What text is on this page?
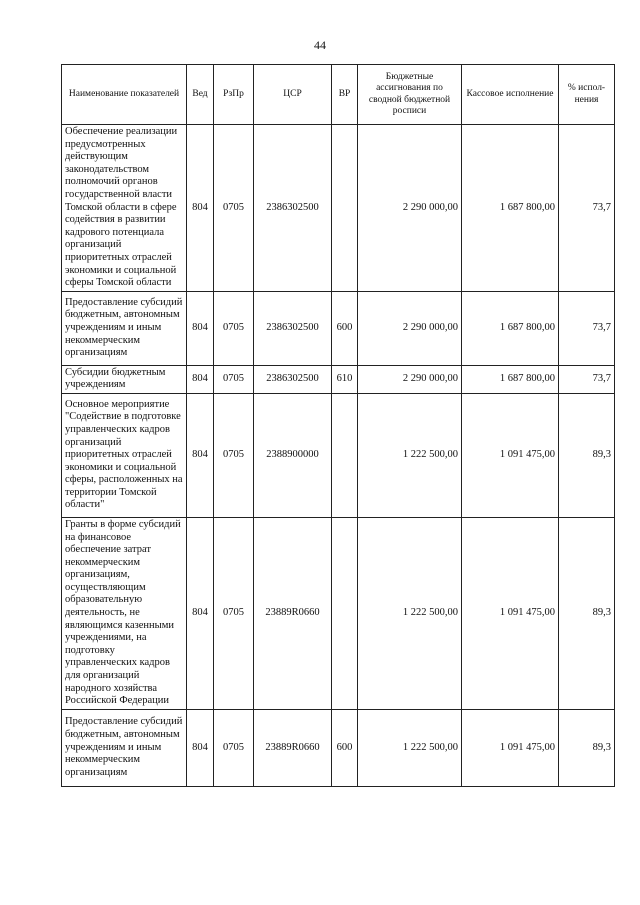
44
Наименование показателей	Вед	РзПр	ЦСР	ВР	Бюджетные ассигнования по сводной бюджетной росписи	Кассовое исполнение	% испол-нения
Обеспечение реализации предусмотренных действующим законодательством полномочий органов государственной власти Томской области в сфере содействия в развитии кадрового потенциала организаций приоритетных отраслей экономики и социальной сферы Томской области	804	0705	2386302500		2 290 000,00	1 687 800,00	73,7
Предоставление субсидий бюджетным, автономным учреждениям и иным некоммерческим организациям	804	0705	2386302500	600	2 290 000,00	1 687 800,00	73,7
Субсидии бюджетным учреждениям	804	0705	2386302500	610	2 290 000,00	1 687 800,00	73,7
Основное мероприятие "Содействие в подготовке управленческих кадров организаций приоритетных отраслей экономики и социальной сферы, расположенных на территории Томской области"	804	0705	2388900000		1 222 500,00	1 091 475,00	89,3
Гранты в форме субсидий на финансовое обеспечение затрат некоммерческим организациям, осуществляющим образовательную деятельность, не являющимся казенными учреждениями, на подготовку управленческих кадров для организаций народного хозяйства Российской Федерации	804	0705	23889R0660		1 222 500,00	1 091 475,00	89,3
Предоставление субсидий бюджетным, автономным учреждениям и иным некоммерческим организациям	804	0705	23889R0660	600	1 222 500,00	1 091 475,00	89,3
